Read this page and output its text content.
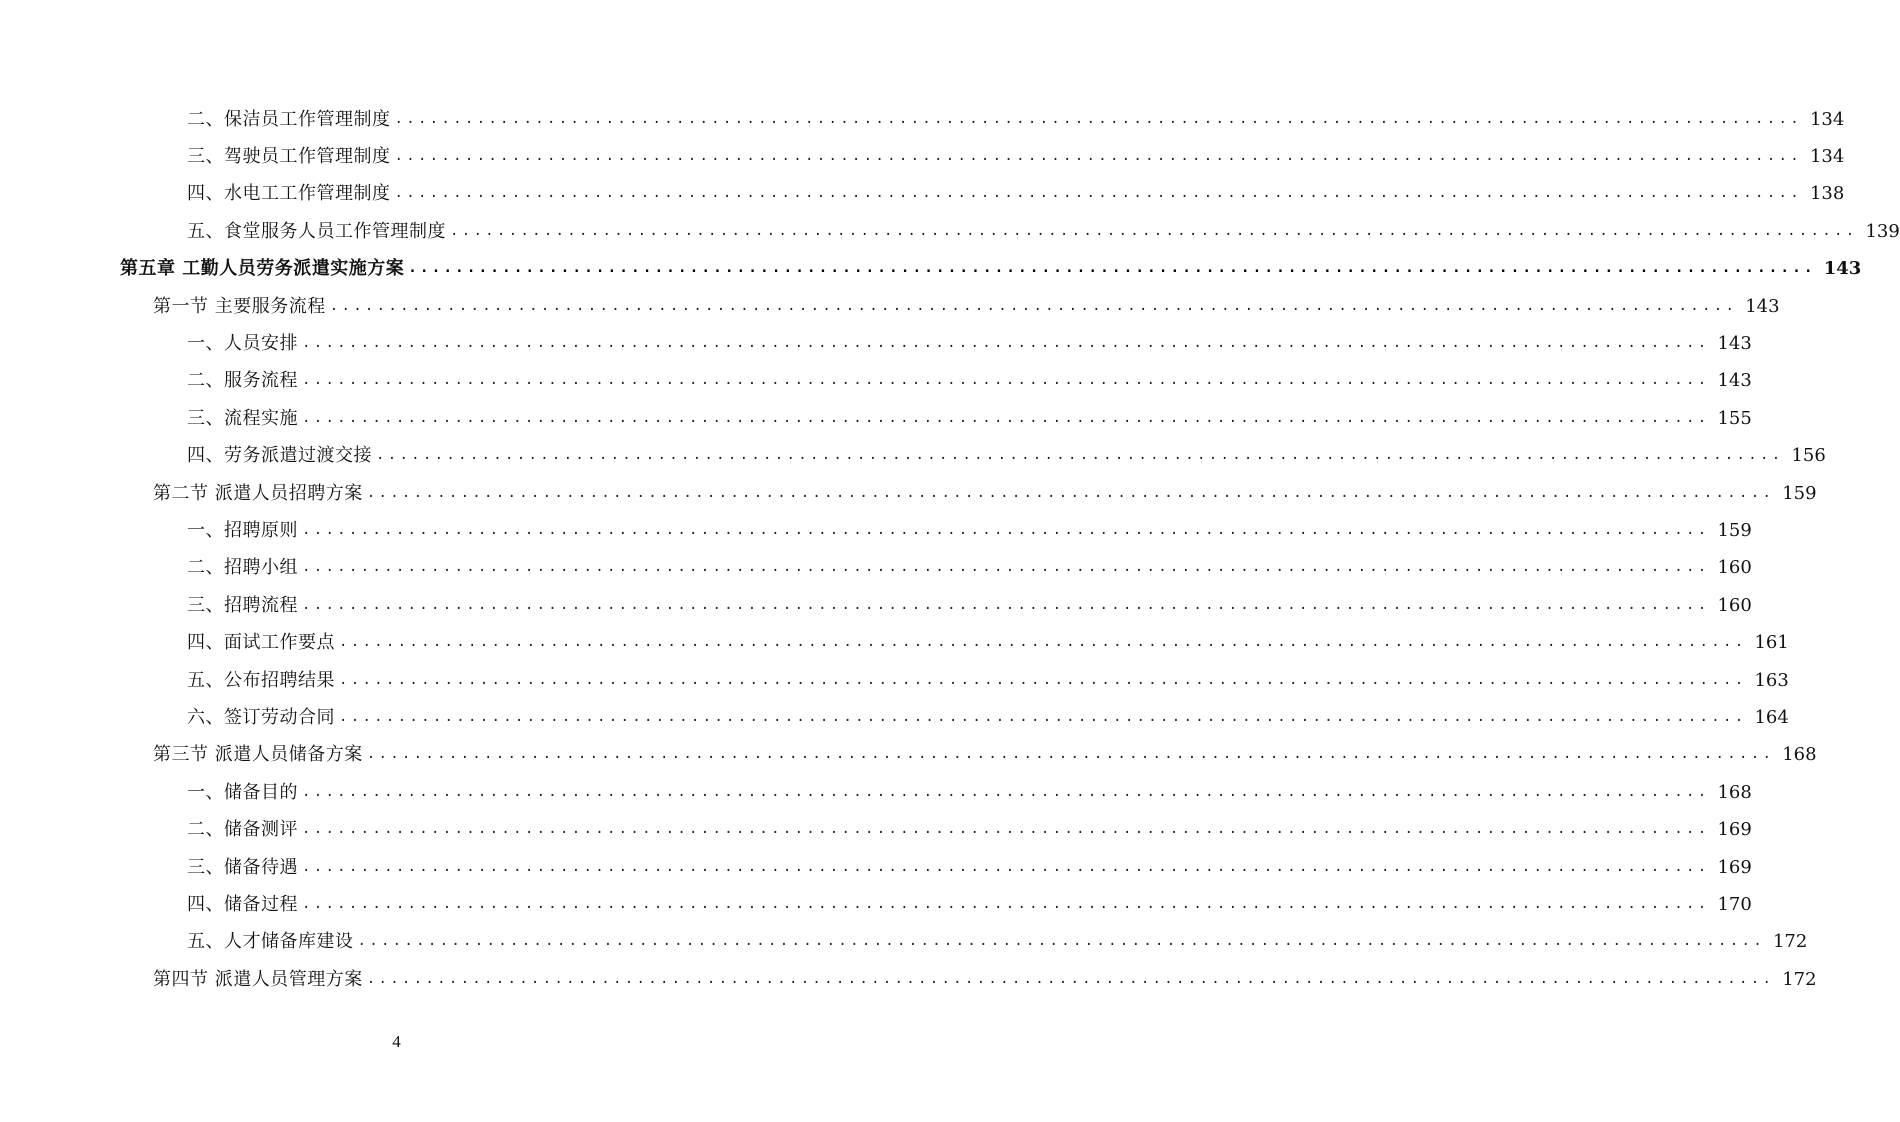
二、保洁员工作管理制度 ........................................................................................................................ 134
三、驾驶员工作管理制度 ........................................................................................................................ 134
四、水电工工作管理制度 ........................................................................................................................ 138
五、食堂服务人员工作管理制度 ........................................................................................................................ 139
第五章 工勤人员劳务派遣实施方案 ........................................................................................................................ 143
第一节 主要服务流程 ........................................................................................................................ 143
一、人员安排 ........................................................................................................................ 143
二、服务流程 ........................................................................................................................ 143
三、流程实施 ........................................................................................................................ 155
四、劳务派遣过渡交接 ........................................................................................................................ 156
第二节 派遣人员招聘方案 ........................................................................................................................ 159
一、招聘原则 ........................................................................................................................ 159
二、招聘小组 ........................................................................................................................ 160
三、招聘流程 ........................................................................................................................ 160
四、面试工作要点 ........................................................................................................................ 161
五、公布招聘结果 ........................................................................................................................ 163
六、签订劳动合同 ........................................................................................................................ 164
第三节 派遣人员储备方案 ........................................................................................................................ 168
一、储备目的 ........................................................................................................................ 168
二、储备测评 ........................................................................................................................ 169
三、储备待遇 ........................................................................................................................ 169
四、储备过程 ........................................................................................................................ 170
五、人才储备库建设 ........................................................................................................................ 172
第四节 派遣人员管理方案 ........................................................................................................................ 172
4
